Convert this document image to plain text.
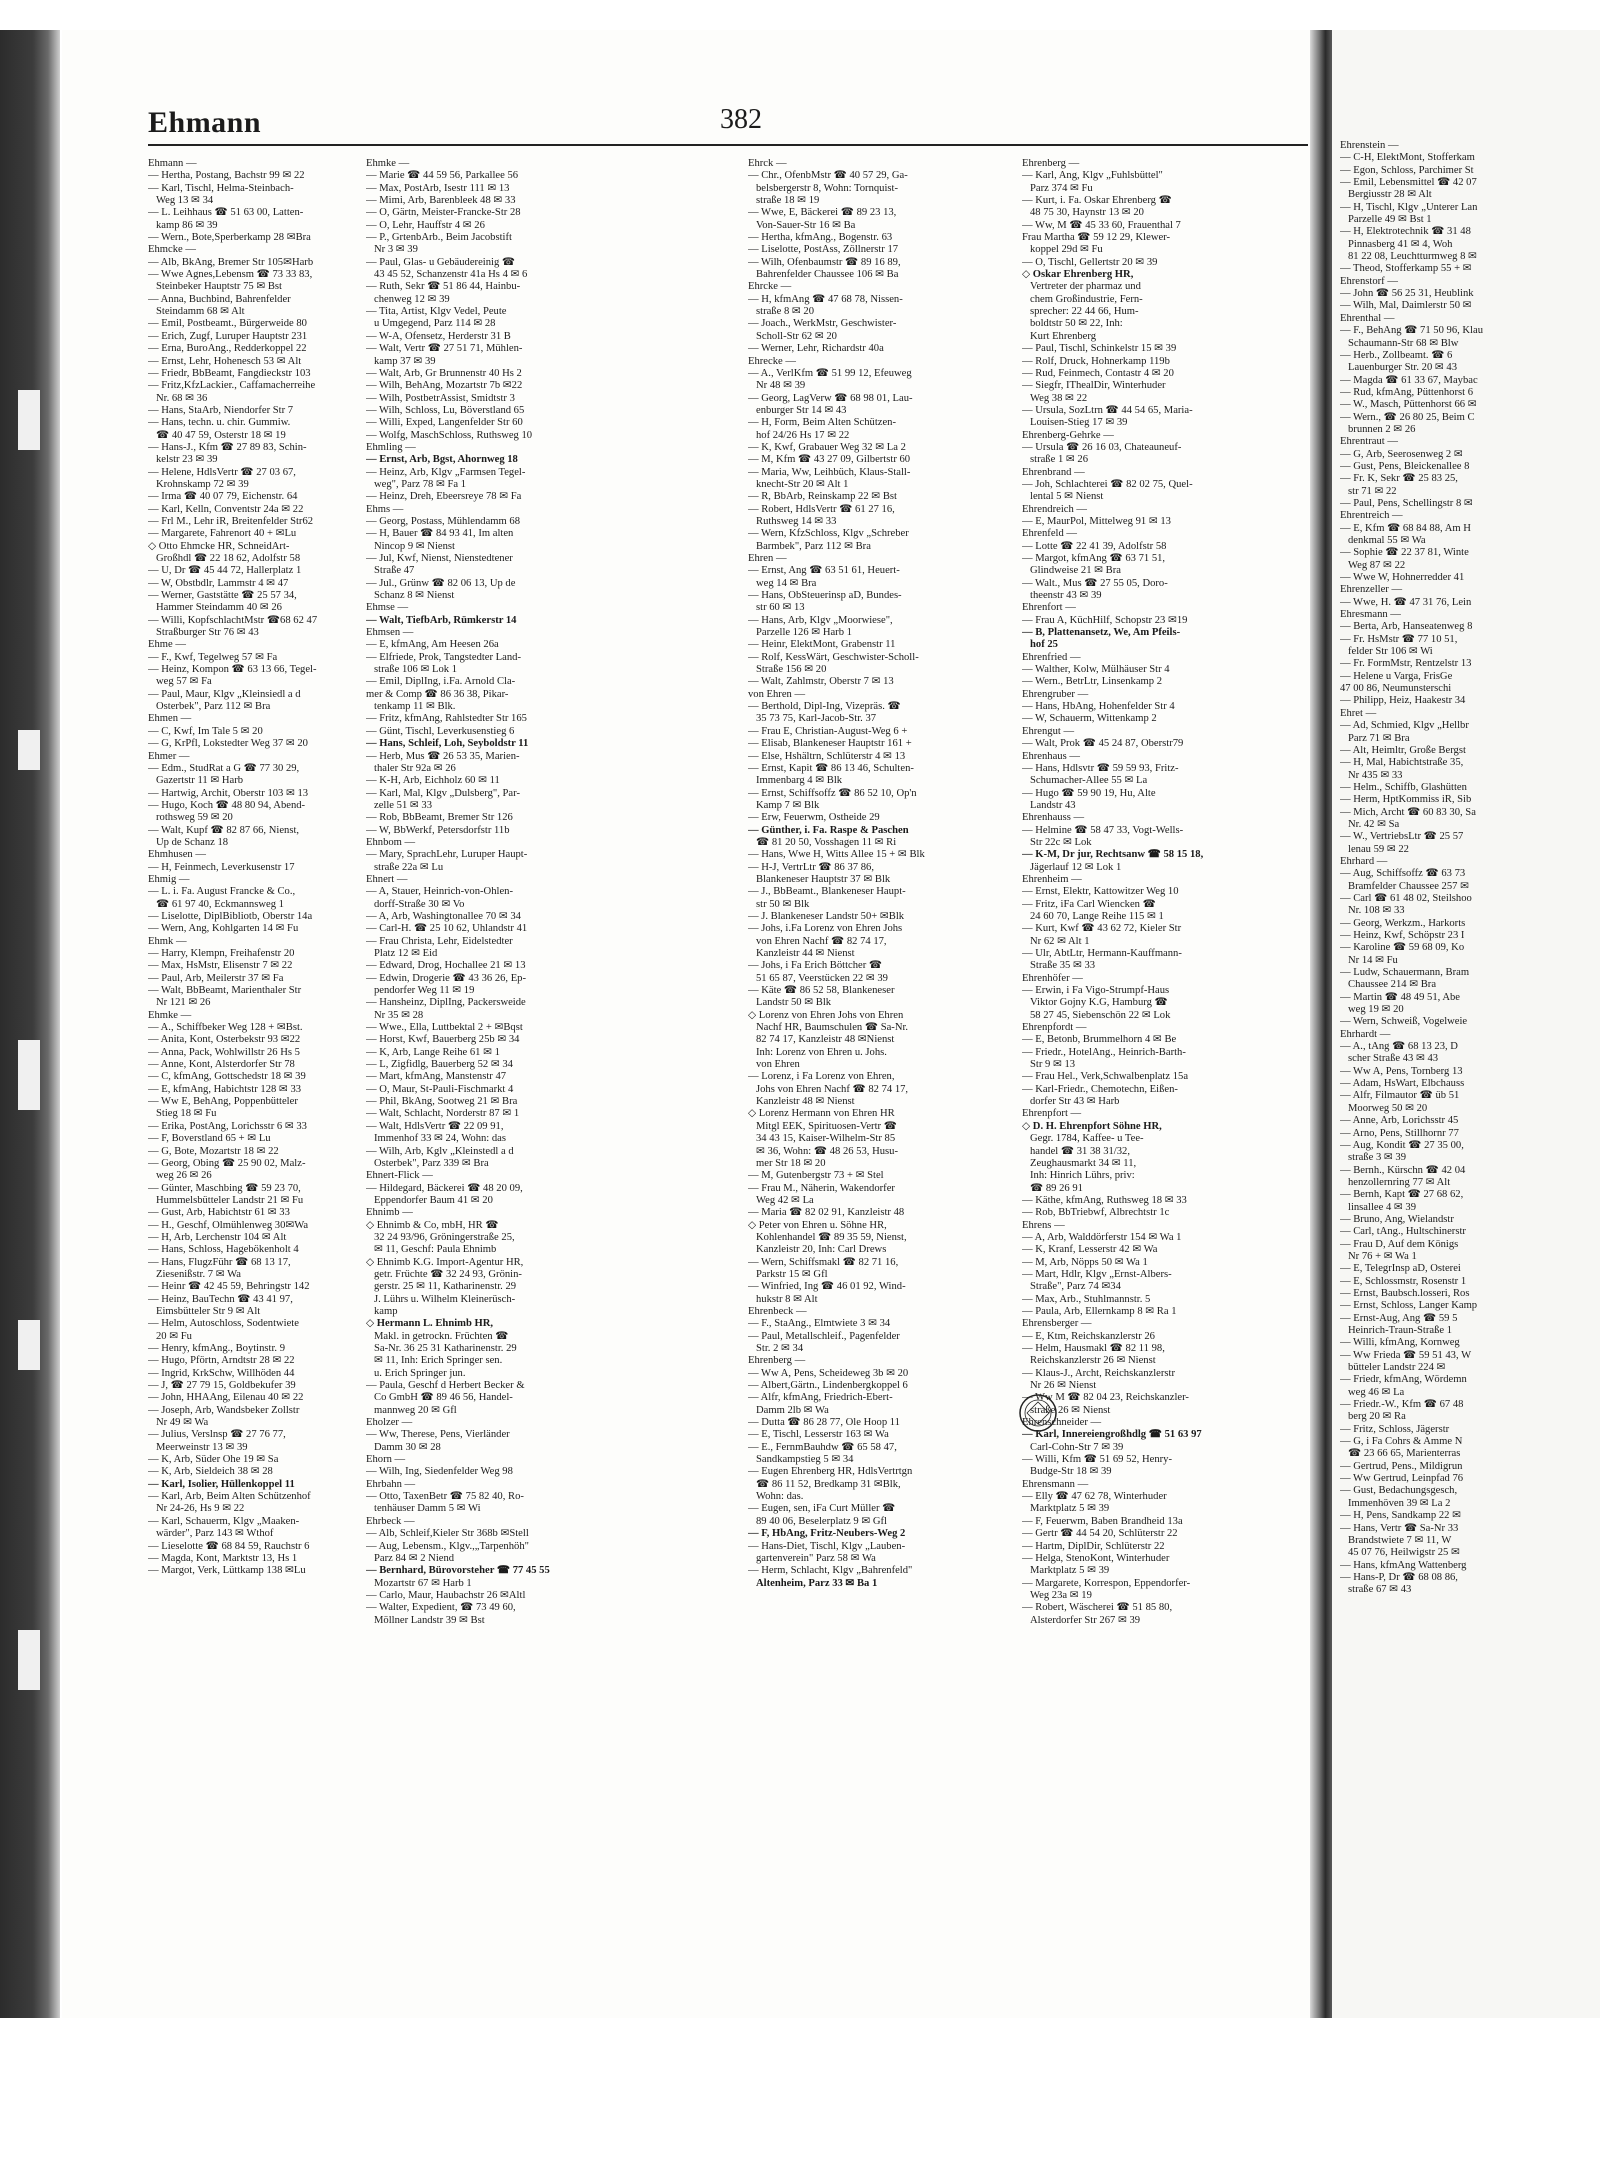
Ehmann	382
Ehmann —
— Hertha, Postang, Bachstr 99 ✉ 22
— Karl, Tischl, Helma-Steinbach-
Weg 13 ✉ 34
— L. Leihhaus ☎ 51 63 00, Latten-
kamp 86 ✉ 39
— Wern., Bote,Sperberkamp 28 ✉Bra
Ehmcke —
— Alb, BkAng, Bremer Str 105✉Harb
— Wwe Agnes,Lebensm ☎ 73 33 83,
Steinbeker Hauptstr 75 ✉ Bst
— Anna, Buchbind, Bahrenfelder
Steindamm 68 ✉ Alt
— Emil, Postbeamt., Bürgerweide 80
— Erich, Zugf, Luruper Hauptstr 231
— Erna, BuroAng., Redderkoppel 22
— Ernst, Lehr, Hohenesch 53 ✉ Alt
— Friedr, BbBeamt, Fangdieckstr 103
— Fritz,KfzLackier., Caffamacherreihe
Nr. 68 ✉ 36
— Hans, StaArb, Niendorfer Str 7
— Hans, techn. u. chir. Gummiw.
☎ 40 47 59, Osterstr 18 ✉ 19
— Hans-J., Kfm ☎ 27 89 83, Schin-
kelstr 23 ✉ 39
— Helene, HdlsVertr ☎ 27 03 67,
Krohnskamp 72 ✉ 39
— Irma ☎ 40 07 79, Eichenstr. 64
— Karl, Kelln, Conventstr 24a ✉ 22
— Frl M., Lehr iR, Breitenfelder Str62
— Margarete, Fahrenort 40 + ✉Lu
◇ Otto Ehmcke HR, SchneidArt-
Großhdl ☎ 22 18 62, Adolfstr 58
— U, Dr ☎ 45 44 72, Hallerplatz 1
— W, Obstbdlr, Lammstr 4 ✉ 47
— Werner, Gaststätte ☎ 25 57 34,
Hammer Steindamm 40 ✉ 26
— Willi, KopfschlachtMstr ☎68 62 47
Straßburger Str 76 ✉ 43
Ehme —
— F., Kwf, Tegelweg 57 ✉ Fa
— Heinz, Kompon ☎ 63 13 66, Tegel-
weg 57 ✉ Fa
— Paul, Maur, Klgv „Kleinsiedl a d
Osterbek", Parz 112 ✉ Bra
Ehmen —
— C, Kwf, Im Tale 5 ✉ 20
— G, KrPfl, Lokstedter Weg 37 ✉ 20
Ehmer —
— Edm., StudRat a G ☎ 77 30 29,
Gazertstr 11 ✉ Harb
— Hartwig, Archit, Oberstr 103 ✉ 13
— Hugo, Koch ☎ 48 80 94, Abend-
rothsweg 59 ✉ 20
— Walt, Kupf ☎ 82 87 66, Nienst,
Up de Schanz 18
Ehmhusen —
— H, Feinmech, Leverkusenstr 17
Ehmig —
— L. i. Fa. August Francke & Co.,
☎ 61 97 40, Eckmannsweg 1
— Liselotte, DiplBibliotb, Oberstr 14a
— Wern, Ang, Kohlgarten 14 ✉ Fu
Ehmk —
— Harry, Klempn, Freihafenstr 20
— Max, HsMstr, Elisenstr 7 ✉ 22
— Paul, Arb, Meilerstr 37 ✉ Fa
— Walt, BbBeamt, Marienthaler Str
Nr 121 ✉ 26
Ehmke —
— A., Schiffbeker Weg 128 + ✉Bst.
— Anita, Kont, Osterbekstr 93 ✉22
— Anna, Pack, Wohlwillstr 26 Hs 5
— Anne, Kont, Alsterdorfer Str 78
— C, kfmAng, Gottschedstr 18 ✉ 39
— E, kfmAng, Habichtstr 128 ✉ 33
— Ww E, BehAng, Poppenbütteler
Stieg 18 ✉ Fu
— Erika, PostAng, Lorichsstr 6 ✉ 33
— F, Boverstland 65 + ✉ Lu
— G, Bote, Mozartstr 18 ✉ 22
— Georg, Obing ☎ 25 90 02, Malz-
weg 26 ✉ 26
— Günter, Maschbing ☎ 59 23 70,
Hummelsbütteler Landstr 21 ✉ Fu
— Gust, Arb, Habichtstr 61 ✉ 33
— H., Geschf, Olmühlenweg 30✉Wa
— H, Arb, Lerchenstr 104 ✉ Alt
— Hans, Schloss, Hagebökenholt 4
— Hans, FlugzFühr ☎ 68 13 17,
Ziesenißstr. 7 ✉ Wa
— Heinr ☎ 42 45 59, Behringstr 142
— Heinz, BauTechn ☎ 43 41 97,
Eimsbütteler Str 9 ✉ Alt
— Helm, Autoschloss, Sodentwiete
20 ✉ Fu
— Henry, kfmAng., Boytinstr. 9
— Hugo, Pförtn, Arndtstr 28 ✉ 22
— Ingrid, KrkSchw, Willhöden 44
— J, ☎ 27 79 15, Goldbekufer 39
— John, HHAAng, Eilenau 40 ✉ 22
— Joseph, Arb, Wandsbeker Zollstr
Nr 49 ✉ Wa
— Julius, Verslnsp ☎ 27 76 77,
Meerweinstr 13 ✉ 39
— K, Arb, Süder Ohe 19 ✉ Sa
— K, Arb, Sieldeich 38 ✉ 28
— Karl, Isolier, Hüllenkoppel 11
— Karl, Arb, Beim Alten Schützenhof
Nr 24-26, Hs 9 ✉ 22
— Karl, Schauerm, Klgv „Maaken-
wärder", Parz 143 ✉ Wthof
— Lieselotte ☎ 68 84 59, Rauchstr 6
— Magda, Kont, Marktstr 13, Hs 1
— Margot, Verk, Lüttkamp 138 ✉Lu
Ehmke —
— Marie ☎ 44 59 56, Parkallee 56
— Max, PostArb, Isestr 111 ✉ 13
— Mimi, Arb, Barenbleek 48 ✉ 33
— O, Gärtn, Meister-Francke-Str 28
— O, Lehr, Hauffstr 4 ✉ 26
— P., GrtenbArb., Beim Jacobstift
Nr 3 ✉ 39
— Paul, Glas- u Gebäudereinig ☎
43 45 52, Schanzenstr 41a Hs 4 ✉ 6
— Ruth, Sekr ☎ 51 86 44, Hainbu-
chenweg 12 ✉ 39
— Tita, Artist, Klgv Vedel, Peute
u Umgegend, Parz 114 ✉ 28
— W-A, Ofensetz, Herderstr 31 B
— Walt, Vertr ☎ 27 51 71, Mühlen-
kamp 37 ✉ 39
— Walt, Arb, Gr Brunnenstr 40 Hs 2
— Wilh, BehAng, Mozartstr 7b ✉22
— Wilh, PostbetrAssist, Smidtstr 3
— Wilh, Schloss, Lu, Böverstland 65
— Willi, Exped, Langenfelder Str 60
— Wolfg, MaschSchloss, Ruthsweg 10
Ehmling —
— Ernst, Arb, Bgst, Ahornweg 18
— Heinz, Arb, Klgv „Farmsen Tegel-
weg", Parz 78 ✉ Fa 1
— Heinz, Dreh, Ebeersreye 78 ✉ Fa
Ehms —
— Georg, Postass, Mühlendamm 68
— H, Bauer ☎ 84 93 41, Im alten
Nincop 9 ✉ Nienst
— Jul, Kwf, Nienst, Nienstedtener
Straße 47
— Jul., Grünw ☎ 82 06 13, Up de
Schanz 8 ✉ Nienst
Ehmse —
— Walt, TiefbArb, Rümkerstr 14
Ehmsen —
— E, kfmAng, Am Heesen 26a
— Elfriede, Prok, Tangstedter Land-
straße 106 ✉ Lok 1
— Emil, DiplIng, i.Fa. Arnold Cla-
mer & Comp ☎ 86 36 38, Pikar-
tenkamp 11 ✉ Blk.
— Fritz, kfmAng, Rahlstedter Str 165
— Günt, Tischl, Leverkusenstieg 6
— Hans, Schleif, Loh, Seyboldstr 11
— Herb, Mus ☎ 26 53 35, Marien-
thaler Str 92a ✉ 26
— K-H, Arb, Eichholz 60 ✉ 11
— Karl, Mal, Klgv „Dulsberg", Par-
zelle 51 ✉ 33
— Rob, BbBeamt, Bremer Str 126
— W, BbWerkf, Petersdorfstr 11b
Ehnbom —
— Mary, SprachLehr, Luruper Haupt-
straße 22a ✉ Lu
Ehnert —
— A, Stauer, Heinrich-von-Ohlen-
dorff-Straße 30 ✉ Vo
— A, Arb, Washingtonallee 70 ✉ 34
— Carl-H. ☎ 25 10 62, Uhlandstr 41
— Frau Christa, Lehr, Eidelstedter
Platz 12 ✉ Eid
— Edward, Drog, Hochallee 21 ✉ 13
— Edwin, Drogerie ☎ 43 36 26, Ep-
pendorfer Weg 11 ✉ 19
— Hansheinz, DiplIng, Packersweide
Nr 35 ✉ 28
— Wwe., Ella, Luttbektal 2 + ✉Bqst
— Horst, Kwf, Bauerberg 25b ✉ 34
— K, Arb, Lange Reihe 61 ✉ 1
— L, Zigfidlg, Bauerberg 52 ✉ 34
— Mart, kfmAng, Manstenstr 47
— O, Maur, St-Pauli-Fischmarkt 4
— Phil, BkAng, Sootweg 21 ✉ Bra
— Walt, Schlacht, Norderstr 87 ✉ 1
— Walt, HdlsVertr ☎ 22 09 91,
Immenhof 33 ✉ 24, Wohn: das
— Wilh, Arb, Kglv „Kleinstedl a d
Osterbek", Parz 339 ✉ Bra
Ehnert-Flick —
— Hildegard, Bäckerei ☎ 48 20 09,
Eppendorfer Baum 41 ✉ 20
Ehnimb —
◇ Ehnimb & Co, mbH, HR ☎
32 24 93/96, Gröningerstraße 25,
✉ 11, Geschf: Paula Ehnimb
◇ Ehnimb K.G. Import-Agentur HR,
getr. Früchte ☎ 32 24 93, Grönin-
gerstr. 25 ✉ 11, Katharinenstr. 29
J. Lührs u. Wilhelm Kleinerüsch-
kamp
◇ Hermann L. Ehnimb HR,
Makl. in getrockn. Früchten ☎
Sa-Nr. 36 25 31 Katharinenstr. 29
✉ 11, Inh: Erich Springer sen.
u. Erich Springer jun.
— Paula, Geschf d Herbert Becker &
Co GmbH ☎ 89 46 56, Handel-
mannweg 20 ✉ Gfl
Eholzer —
— Ww, Therese, Pens, Vierländer
Damm 30 ✉ 28
Ehorn —
— Wilh, Ing, Siedenfelder Weg 98
Ehrbahn —
— Otto, TaxenBetr ☎ 75 82 40, Ro-
tenhäuser Damm 5 ✉ Wi
Ehrbeck —
— Alb, Schleif,Kieler Str 368b ✉Stell
— Aug, Lebensm., Klgv.,„Tarpenhöh"
Parz 84 ✉ 2 Niend
— Bernhard, Bürovorsteher ☎ 77 45 55
Mozartstr 67 ✉ Harb 1
— Carlo, Maur, Haubachstr 26 ✉Altl
— Walter, Expedient, ☎ 73 49 60,
Möllner Landstr 39 ✉ Bst
Ehrck —
— Chr., OfenbMstr ☎ 40 57 29, Ga-
belsbergerstr 8, Wohn: Tornquist-
straße 18 ✉ 19
— Wwe, E, Bäckerei ☎ 89 23 13,
Von-Sauer-Str 16 ✉ Ba
— Hertha, kfmAng., Bogenstr. 63
— Liselotte, PostAss, Zöllnerstr 17
— Wilh, Ofenbaumstr ☎ 89 16 89,
Bahrenfelder Chaussee 106 ✉ Ba
Ehrcke —
— H, kfmAng ☎ 47 68 78, Nissen-
straße 8 ✉ 20
— Joach., WerkMstr, Geschwister-
Scholl-Str 62 ✉ 20
— Werner, Lehr, Richardstr 40a
Ehrecke —
— A., VerlKfm ☎ 51 99 12, Efeuweg
Nr 48 ✉ 39
— Georg, LagVerw ☎ 68 98 01, Lau-
enburger Str 14 ✉ 43
— H, Form, Beim Alten Schützen-
hof 24/26 Hs 17 ✉ 22
— K, Kwf, Grabauer Weg 32 ✉ La 2
— M, Kfm ☎ 43 27 09, Gilbertstr 60
— Maria, Ww, Leihbüch, Klaus-Stall-
knecht-Str 20 ✉ Alt 1
— R, BbArb, Reinskamp 22 ✉ Bst
— Robert, HdlsVertr ☎ 61 27 16,
Ruthsweg 14 ✉ 33
— Wern, KfzSchloss, Klgv „Schreber
Barmbek", Parz 112 ✉ Bra
Ehren —
— Ernst, Ang ☎ 63 51 61, Heuert-
weg 14 ✉ Bra
— Hans, ObSteuerinsp aD, Bundes-
str 60 ✉ 13
— Hans, Arb, Klgv „Moorwiese",
Parzelle 126 ✉ Harb 1
— Heinr, ElektMont, Grabenstr 11
— Rolf, KessWärt, Geschwister-Scholl-
Straße 156 ✉ 20
— Walt, Zahlmstr, Oberstr 7 ✉ 13
von Ehren —
— Berthold, Dipl-Ing, Vizepräs. ☎
35 73 75, Karl-Jacob-Str. 37
— Frau E, Christian-August-Weg 6 +
— Elisab, Blankeneser Hauptstr 161 +
— Else, Hshältrn, Schlüterstr 4 ✉ 13
— Ernst, Kapit ☎ 86 13 46, Schulten-
Immenbarg 4 ✉ Blk
— Ernst, Schiffsoffz ☎ 86 52 10, Op'n
Kamp 7 ✉ Blk
— Erw, Feuerwm, Ostheide 29
— Günther, i. Fa. Raspe & Paschen
☎ 81 20 50, Vosshagen 11 ✉ Ri
— Hans, Wwe H, Witts Allee 15 + ✉ Blk
— H-J, VertrLtr ☎ 86 37 86,
Blankeneser Hauptstr 37 ✉ Blk
— J., BbBeamt., Blankeneser Haupt-
str 50 ✉ Blk
— J. Blankeneser Landstr 50+ ✉Blk
— Johs, i.Fa Lorenz von Ehren Johs
von Ehren Nachf ☎ 82 74 17,
Kanzleistr 44 ✉ Nienst
— Johs, i Fa Erich Böttcher ☎
51 65 87, Veerstücken 22 ✉ 39
— Käte ☎ 86 52 58, Blankeneser
Landstr 50 ✉ Blk
◇ Lorenz von Ehren Johs von Ehren
Nachf HR, Baumschulen ☎ Sa-Nr.
82 74 17, Kanzleistr 48 ✉Nienst
Inh: Lorenz von Ehren u. Johs.
von Ehren
— Lorenz, i Fa Lorenz von Ehren,
Johs von Ehren Nachf ☎ 82 74 17,
Kanzleistr 48 ✉ Nienst
◇ Lorenz Hermann von Ehren HR
Mitgl EEK, Spirituosen-Vertr ☎
34 43 15, Kaiser-Wilhelm-Str 85
✉ 36, Wohn: ☎ 48 26 53, Husu-
mer Str 18 ✉ 20
— M, Gutenbergstr 73 + ✉ Stel
— Frau M., Näherin, Wakendorfer
Weg 42 ✉ La
— Maria ☎ 82 02 91, Kanzleistr 48
◇ Peter von Ehren u. Söhne HR,
Kohlenhandel ☎ 89 35 59, Nienst,
Kanzleistr 20, Inh: Carl Drews
— Wern, Schiffsmakl ☎ 82 71 16,
Parkstr 15 ✉ Gfl
— Winfried, Ing ☎ 46 01 92, Wind-
hukstr 8 ✉ Alt
Ehrenbeck —
— F., StaAng., Elmtwiete 3 ✉ 34
— Paul, Metallschleif., Pagenfelder
Str. 2 ✉ 34
Ehrenberg —
— Ww A, Pens, Scheideweg 3b ✉ 20
— Albert,Gärtn., Lindenbergkoppel 6
— Alfr, kfmAng, Friedrich-Ebert-
Damm 2lb ✉ Wa
— Dutta ☎ 86 28 77, Ole Hoop 11
— E, Tischl, Lesserstr 163 ✉ Wa
— E., FernmBauhdw ☎ 65 58 47,
Sandkampstieg 5 ✉ 34
— Eugen Ehrenberg HR, HdlsVertrtgn
☎ 86 11 52, Bredkamp 31 ✉Blk,
Wohn: das.
— Eugen, sen, iFa Curt Müller ☎
89 40 06, Beselerplatz 9 ✉ Gfl
— F, HbAng, Fritz-Neubers-Weg 2
— Hans-Diet, Tischl, Klgv „Lauben-
gartenverein" Parz 58 ✉ Wa
— Herm, Schlacht, Klgv „Bahrenfeld"
Altenheim, Parz 33 ✉ Ba 1
Ehrenberg —
— Karl, Ang, Klgv „Fuhlsbüttel"
Parz 374 ✉ Fu
— Kurt, i. Fa. Oskar Ehrenberg ☎
48 75 30, Haynstr 13 ✉ 20
— Ww, M ☎ 45 33 60, Frauenthal 7
Frau Martha ☎ 59 12 29, Klewer-
koppel 29d ✉ Fu
— O, Tischl, Gellertstr 20 ✉ 39
◇ Oskar Ehrenberg HR,
Vertreter der pharmaz und
chem Großindustrie, Fern-
sprecher: 22 44 66, Hum-
boldtstr 50 ✉ 22, Inh:
Kurt Ehrenberg
— Paul, Tischl, Schinkelstr 15 ✉ 39
— Rolf, Druck, Hohnerkamp 119b
— Rud, Feinmech, Contastr 4 ✉ 20
— Siegfr, IThealDir, Winterhuder
Weg 38 ✉ 22
— Ursula, SozLtrn ☎ 44 54 65, Maria-
Louisen-Stieg 17 ✉ 39
Ehrenberg-Gehrke —
— Ursula ☎ 26 16 03, Chateauneuf-
straße 1 ✉ 26
Ehrenbrand —
— Joh, Schlachterei ☎ 82 02 75, Quel-
lental 5 ✉ Nienst
Ehrendreich —
— E, MaurPol, Mittelweg 91 ✉ 13
Ehrenfeld —
— Lotte ☎ 22 41 39, Adolfstr 58
— Margot, kfmAng ☎ 63 71 51,
Glindweise 21 ✉ Bra
— Walt., Mus ☎ 27 55 05, Doro-
theenstr 43 ✉ 39
Ehrenfort —
— Frau A, KüchHilf, Schopstr 23 ✉19
— B, Plattenansetz, We, Am Pfeils-
hof 25
Ehrenfried —
— Walther, Kolw, Mülhäuser Str 4
— Wern., BetrLtr, Linsenkamp 2
Ehrengruber —
— Hans, HbAng, Hohenfelder Str 4
— W, Schauerm, Wittenkamp 2
Ehrengut —
— Walt, Prok ☎ 45 24 87, Oberstr79
Ehrenhaus —
— Hans, Hdlsvtr ☎ 59 59 93, Fritz-
Schumacher-Allee 55 ✉ La
— Hugo ☎ 59 90 19, Hu, Alte
Landstr 43
Ehrenhauss —
— Helmine ☎ 58 47 33, Vogt-Wells-
Str 22c ✉ Lok
— K-M, Dr jur, Rechtsanw ☎ 58 15 18,
Jägerlauf 12 ✉ Lok 1
Ehrenheim —
— Ernst, Elektr, Kattowitzer Weg 10
— Fritz, iFa Carl Wiencken ☎
24 60 70, Lange Reihe 115 ✉ 1
— Kurt, Kwf ☎ 43 62 72, Kieler Str
Nr 62 ✉ Alt 1
— Ulr, AbtLtr, Hermann-Kauffmann-
Straße 35 ✉ 33
Ehrenhöfer —
— Erwin, i Fa Vigo-Strumpf-Haus
Viktor Gojny K.G, Hamburg ☎
58 27 45, Siebenschön 22 ✉ Lok
Ehrenpfordt —
— E, Betonb, Brummelhorn 4 ✉ Be
— Friedr., HotelAng., Heinrich-Barth-
Str 9 ✉ 13
— Frau Hel., Verk,Schwalbenplatz 15a
— Karl-Friedr., Chemotechn, Eißen-
dorfer Str 43 ✉ Harb
Ehrenpfort —
◇ D. H. Ehrenpfort Söhne HR,
Gegr. 1784, Kaffee- u Tee-
handel ☎ 31 38 31/32,
Zeughausmarkt 34 ✉ 11,
Inh: Hinrich Lührs, priv:
☎ 89 26 91
— Käthe, kfmAng, Ruthsweg 18 ✉ 33
— Rob, BbTriebwf, Albrechtstr 1c
Ehrens —
— A, Arb, Walddörferstr 154 ✉ Wa 1
— K, Kranf, Lesserstr 42 ✉ Wa
— M, Arb, Nöpps 50 ✉ Wa 1
— Mart, Hdlr, Klgv „Ernst-Albers-
Straße", Parz 74 ✉34
— Max, Arb., Stuhlmannstr. 5
— Paula, Arb, Ellernkamp 8 ✉ Ra 1
Ehrensberger —
— E, Ktm, Reichskanzlerstr 26
— Helm, Hausmakl ☎ 82 11 98,
Reichskanzlerstr 26 ✉ Nienst
— Klaus-J., Archt, Reichskanzlerstr
Nr 26 ✉ Nienst
— Ww M ☎ 82 04 23, Reichskanzler-
straße 26 ✉ Nienst
Ehrenschneider —
— Karl, Innereiengroßhdlg ☎ 51 63 97
Carl-Cohn-Str 7 ✉ 39
— Willi, Kfm ☎ 51 69 52, Henry-
Budge-Str 18 ✉ 39
Ehrensmann —
— Elly ☎ 47 62 78, Winterhuder
Marktplatz 5 ✉ 39
— F, Feuerwm, Baben Brandheid 13a
— Gertr ☎ 44 54 20, Schlüterstr 22
— Hartm, DiplDir, Schlüterstr 22
— Helga, StenoKont, Winterhuder
Marktplatz 5 ✉ 39
— Margarete, Korrespon, Eppendorfer-
Weg 23a ✉ 19
— Robert, Wäscherei ☎ 51 85 80,
Alsterdorfer Str 267 ✉ 39
Ehrenstein —
— C-H, ElektMont, Stofferkam
— Egon, Schloss, Parchimer St
— Emil, Lebensmittel ☎ 42 07
Bergiusstr 28 ✉ Alt
— H, Tischl, Klgv „Unterer Lan
Parzelle 49 ✉ Bst 1
— H, Elektrotechnik ☎ 31 48
Pinnasberg 41 ✉ 4, Woh
81 22 08, Leuchtturmweg 8 ✉
— Theod, Stofferkamp 55 + ✉
Ehrenstorf —
— John ☎ 56 25 31, Heublink
— Wilh, Mal, Daimlerstr 50 ✉
Ehrenthal —
— F., BehAng ☎ 71 50 96, Klau
Schaumann-Str 68 ✉ Blw
— Herb., Zollbeamt. ☎ 6
Lauenburger Str. 20 ✉ 43
— Magda ☎ 61 33 67, Maybac
— Rud, kfmAng, Püttenhorst 6
— W., Masch, Püttenhorst 66 ✉
— Wern., ☎ 26 80 25, Beim C
brunnen 2 ✉ 26
Ehrentraut —
— G, Arb, Seerosenweg 2 ✉
— Gust, Pens, Bleickenallee 8
— Fr. K, Sekr ☎ 25 83 25,
str 71 ✉ 22
— Paul, Pens, Schellingstr 8 ✉
Ehrentreich —
— E, Kfm ☎ 68 84 88, Am H
denkmal 55 ✉ Wa
— Sophie ☎ 22 37 81, Winte
Weg 87 ✉ 22
— Wwe W, Hohnerredder 41
Ehrenzeller —
— Wwe, H. ☎ 47 31 76, Lein
Ehresmann —
— Berta, Arb, Hanseatenweg 8
— Fr. HsMstr ☎ 77 10 51,
felder Str 106 ✉ Wi
— Fr. FormMstr, Rentzelstr 13
— Helene u Varga, FrisGe
47 00 86, Neumunsterschi
— Philipp, Heiz, Haakestr 34
Ehret —
— Ad, Schmied, Klgv „Hellbr
Parz 71 ✉ Bra
— Alt, Heimltr, Große Bergst
— H, Mal, Habichtstraße 35,
Nr 435 ✉ 33
— Helm., Schiffb, Glashütten
— Herm, HptKommiss iR, Sib
— Mich, Archt ☎ 60 83 30, Sa
Nr. 42 ✉ Sa
— W., VertriebsLtr ☎ 25 57
lenau 59 ✉ 22
Ehrhard —
— Aug, Schiffsoffz ☎ 63 73
Bramfelder Chaussee 257 ✉
— Carl ☎ 61 48 02, Steilshoo
Nr. 108 ✉ 33
— Georg, Werkzm., Harkorts
— Heinz, Kwf, Schöpstr 23 I
— Karoline ☎ 59 68 09, Ko
Nr 14 ✉ Fu
— Ludw, Schauermann, Bram
Chaussee 214 ✉ Bra
— Martin ☎ 48 49 51, Abe
weg 19 ✉ 20
— Wern, Schweiß, Vogelweie
Ehrhardt —
— A., tAng ☎ 68 13 23, D
scher Straße 43 ✉ 43
— Ww A, Pens, Tornberg 13
— Adam, HsWart, Elbchauss
— Alfr, Filmautor ☎ üb 51
Moorweg 50 ✉ 20
— Anne, Arb, Lorichsstr 45
— Arno, Pens, Stillhornr 77
— Aug, Kondit ☎ 27 35 00,
straße 3 ✉ 39
— Bernh., Kürschn ☎ 42 04
henzollernring 77 ✉ Alt
— Bernh, Kapt ☎ 27 68 62,
linsallee 4 ✉ 39
— Bruno, Ang, Wielandstr
— Carl, tAng., Hultschinerstr
— Frau D, Auf dem Königs
Nr 76 + ✉ Wa 1
— E, TelegrInsp aD, Osterei
— E, Schlossmstr, Rosenstr 1
— Ernst, Baubsch.losseri, Ros
— Ernst, Schloss, Langer Kamp
— Ernst-Aug, Ang ☎ 59 5
Heinrich-Traun-Straße 1
— Willi, kfmAng, Kornweg
— Ww Frieda ☎ 59 51 43, W
bütteler Landstr 224 ✉
— Friedr, kfmAng, Wördemn
weg 46 ✉ La
— Friedr.-W., Kfm ☎ 67 48
berg 20 ✉ Ra
— Fritz, Schloss, Jägerstr
— G, i Fa Cohrs & Amme N
☎ 23 66 65, Marienterras
— Gertrud, Pens., Mildigrun
— Ww Gertrud, Leinpfad 76
— Gust, Bedachungsgesch,
Immenhöven 39 ✉ La 2
— H, Pens, Sandkamp 22 ✉
— Hans, Vertr ☎ Sa-Nr 33
Brandstwiete 7 ✉ 11, W
45 07 76, Heilwigstr 25 ✉
— Hans, kfmAng Wattenberg
— Hans-P, Dr ☎ 68 08 86,
straße 67 ✉ 43
